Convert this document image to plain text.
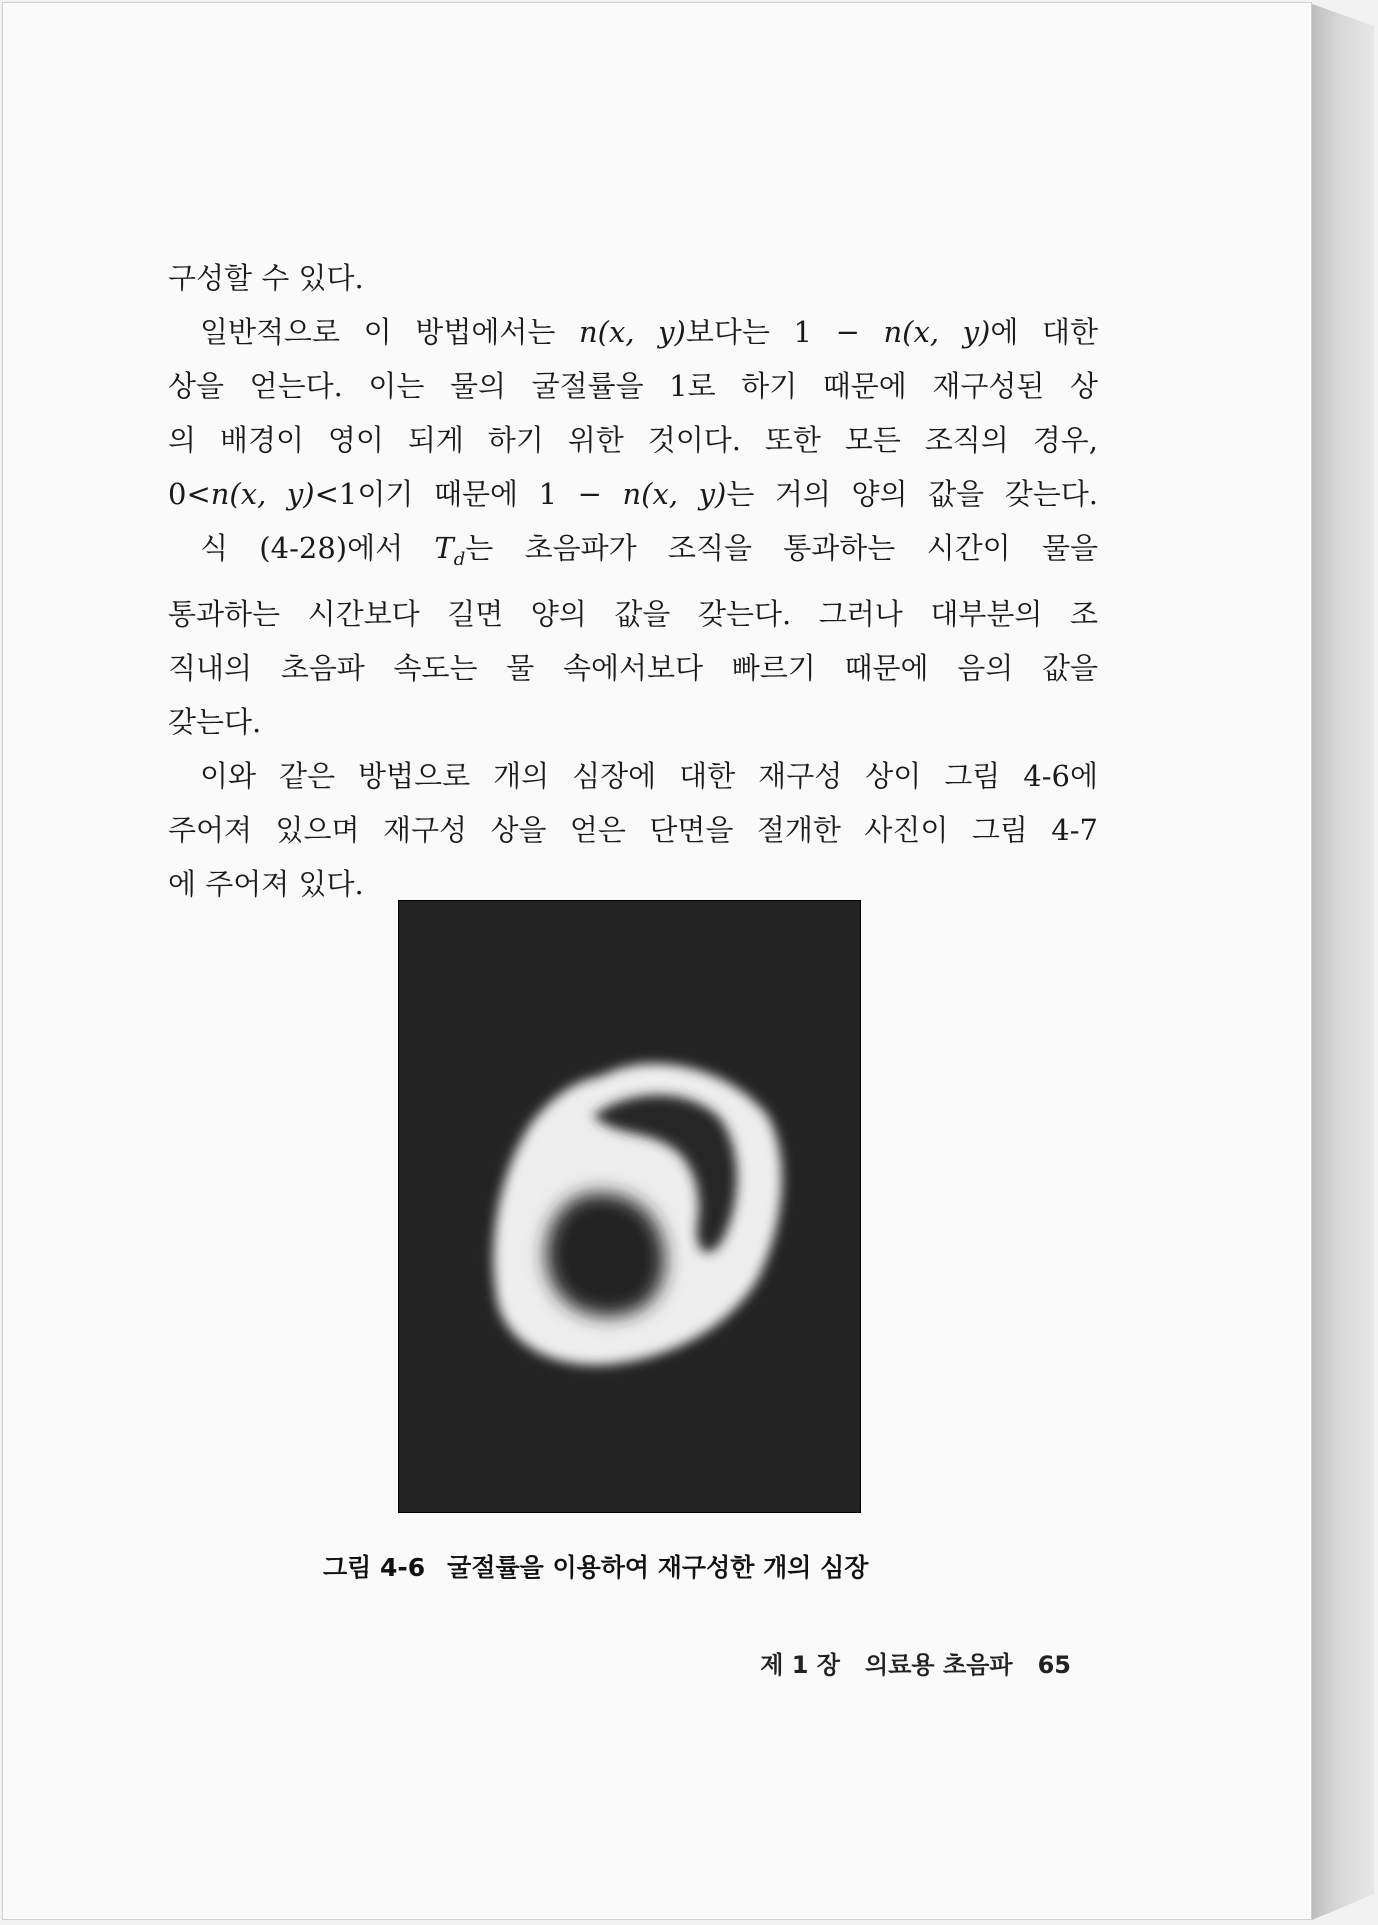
구성할 수 있다.
일반적으로 이 방법에서는 n(x, y)보다는 1 − n(x, y)에 대한
상을 얻는다. 이는 물의 굴절률을 1로 하기 때문에 재구성된 상
의 배경이 영이 되게 하기 위한 것이다. 또한 모든 조직의 경우,
0<n(x, y)<1이기 때문에 1 − n(x, y)는 거의 양의 값을 갖는다.
식 (4-28)에서 $T_d$는 초음파가 조직을 통과하는 시간이 물을
통과하는 시간보다 길면 양의 값을 갖는다. 그러나 대부분의 조
직내의 초음파 속도는 물 속에서보다 빠르기 때문에 음의 값을
갖는다.
이와 같은 방법으로 개의 심장에 대한 재구성 상이 그림 4-6에
주어져 있으며 재구성 상을 얻은 단면을 절개한 사진이 그림 4-7
에 주어져 있다.
그림 4-6 굴절률을 이용하여 재구성한 개의 심장
제 1 장 의료용 초음파 65
